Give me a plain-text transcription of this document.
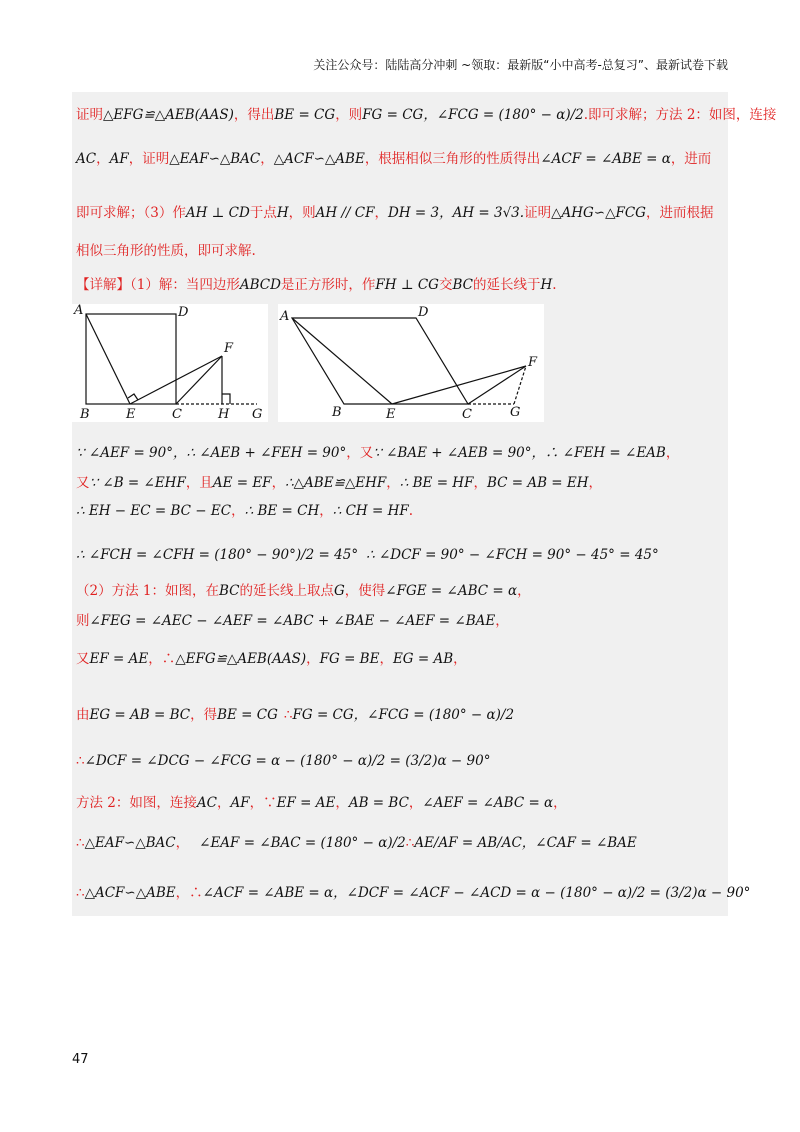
关注公众号：陆陆高分冲刺 ~领取：最新版“小中高考-总复习”、最新试卷下载
证明△EFG≌△AEB(AAS)，得出BE = CG，则FG = CG，∠FCG = (180° − α)/2.即可求解；方法 2：如图，连接
AC，AF，证明△EAF∽△BAC，△ACF∽△ABE，根据相似三角形的性质得出∠ACF = ∠ABE = α，进而
即可求解；（3）作AH ⊥ CD于点H，则AH // CF，DH = 3，AH = 3√3.证明△AHG∽△FCG，进而根据
相似三角形的性质，即可求解.
【详解】（1）解：当四边形ABCD是正方形时，作FH ⊥ CG交BC的延长线于H.
A	D
F
B	E	C	H G
A	D
F
B	E	C	G
∵ ∠AEF = 90°，∴ ∠AEB + ∠FEH = 90°，又∵ ∠BAE + ∠AEB = 90°，∴ ∠FEH = ∠EAB，
又∵ ∠B = ∠EHF，且AE = EF，∴△ABE≌△EHF，∴ BE = HF，BC = AB = EH，
∴ EH − EC = BC − EC，∴ BE = CH，∴ CH = HF.
∴ ∠FCH = ∠CFH = (180° − 90°)/2 = 45° ∴ ∠DCF = 90° − ∠FCH = 90° − 45° = 45°
（2）方法 1：如图，在BC的延长线上取点G，使得∠FGE = ∠ABC = α，
则∠FEG = ∠AEC − ∠AEF = ∠ABC + ∠BAE − ∠AEF = ∠BAE，
又EF = AE，∴△EFG≌△AEB(AAS)，FG = BE，EG = AB，
由EG = AB = BC，得BE = CG ∴FG = CG，∠FCG = (180° − α)/2
∴∠DCF = ∠DCG − ∠FCG = α − (180° − α)/2 = (3/2)α − 90°
方法 2：如图，连接AC，AF，∵EF = AE，AB = BC，∠AEF = ∠ABC = α，
∴△EAF∽△BAC， ∠EAF = ∠BAC = (180° − α)/2∴AE/AF = AB/AC，∠CAF = ∠BAE
∴△ACF∽△ABE，∴∠ACF = ∠ABE = α，∠DCF = ∠ACF − ∠ACD = α − (180° − α)/2 = (3/2)α − 90°
47
